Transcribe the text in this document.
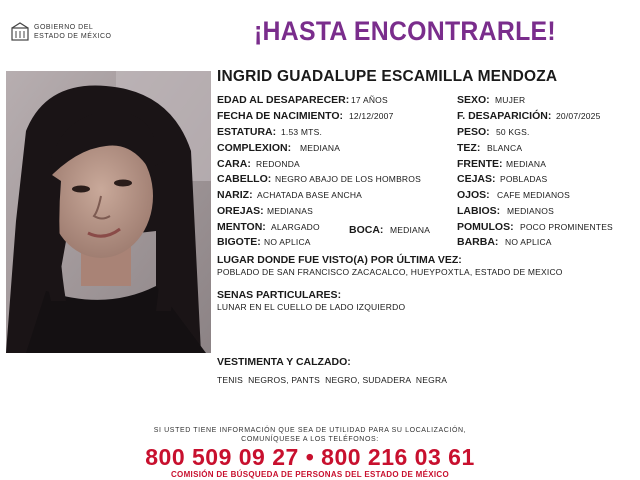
GOBIERNO DEL
ESTADO DE MÉXICO	¡HASTA ENCONTRARLE!
INGRID GUADALUPE ESCAMILLA MENDOZA
EDAD AL DESAPARECER: 17 AÑOS
FECHA DE NACIMIENTO: 12/12/2007
ESTATURA: 1.53 MTS.
COMPLEXION: MEDIANA
CARA: REDONDA
CABELLO: NEGRO ABAJO DE LOS HOMBROS
NARIZ: ACHATADA BASE ANCHA
OREJAS: MEDIANAS
MENTON: ALARGADO	BOCA: MEDIANA
BIGOTE: NO APLICA
SEXO: MUJER
F. DESAPARICIÓN: 20/07/2025
PESO: 50 KGS.
TEZ: BLANCA
FRENTE: MEDIANA
CEJAS: POBLADAS
OJOS: CAFE MEDIANOS
LABIOS: MEDIANOS
POMULOS: POCO PROMINENTES
BARBA: NO APLICA
LUGAR DONDE FUE VISTO(A) POR ÚLTIMA VEZ:
POBLADO DE SAN FRANCISCO ZACACALCO, HUEYPOXTLA, ESTADO DE MEXICO
SENAS PARTICULARES:
LUNAR EN EL CUELLO DE LADO IZQUIERDO
VESTIMENTA Y CALZADO:
TENIS  NEGROS, PANTS  NEGRO, SUDADERA  NEGRA
SI USTED TIENE INFORMACIÓN QUE SEA DE UTILIDAD PARA SU LOCALIZACIÓN,
COMUNÍQUESE A LOS TELÉFONOS:
800 509 09 27 • 800 216 03 61
COMISIÓN DE BÚSQUEDA DE PERSONAS DEL ESTADO DE MÉXICO
